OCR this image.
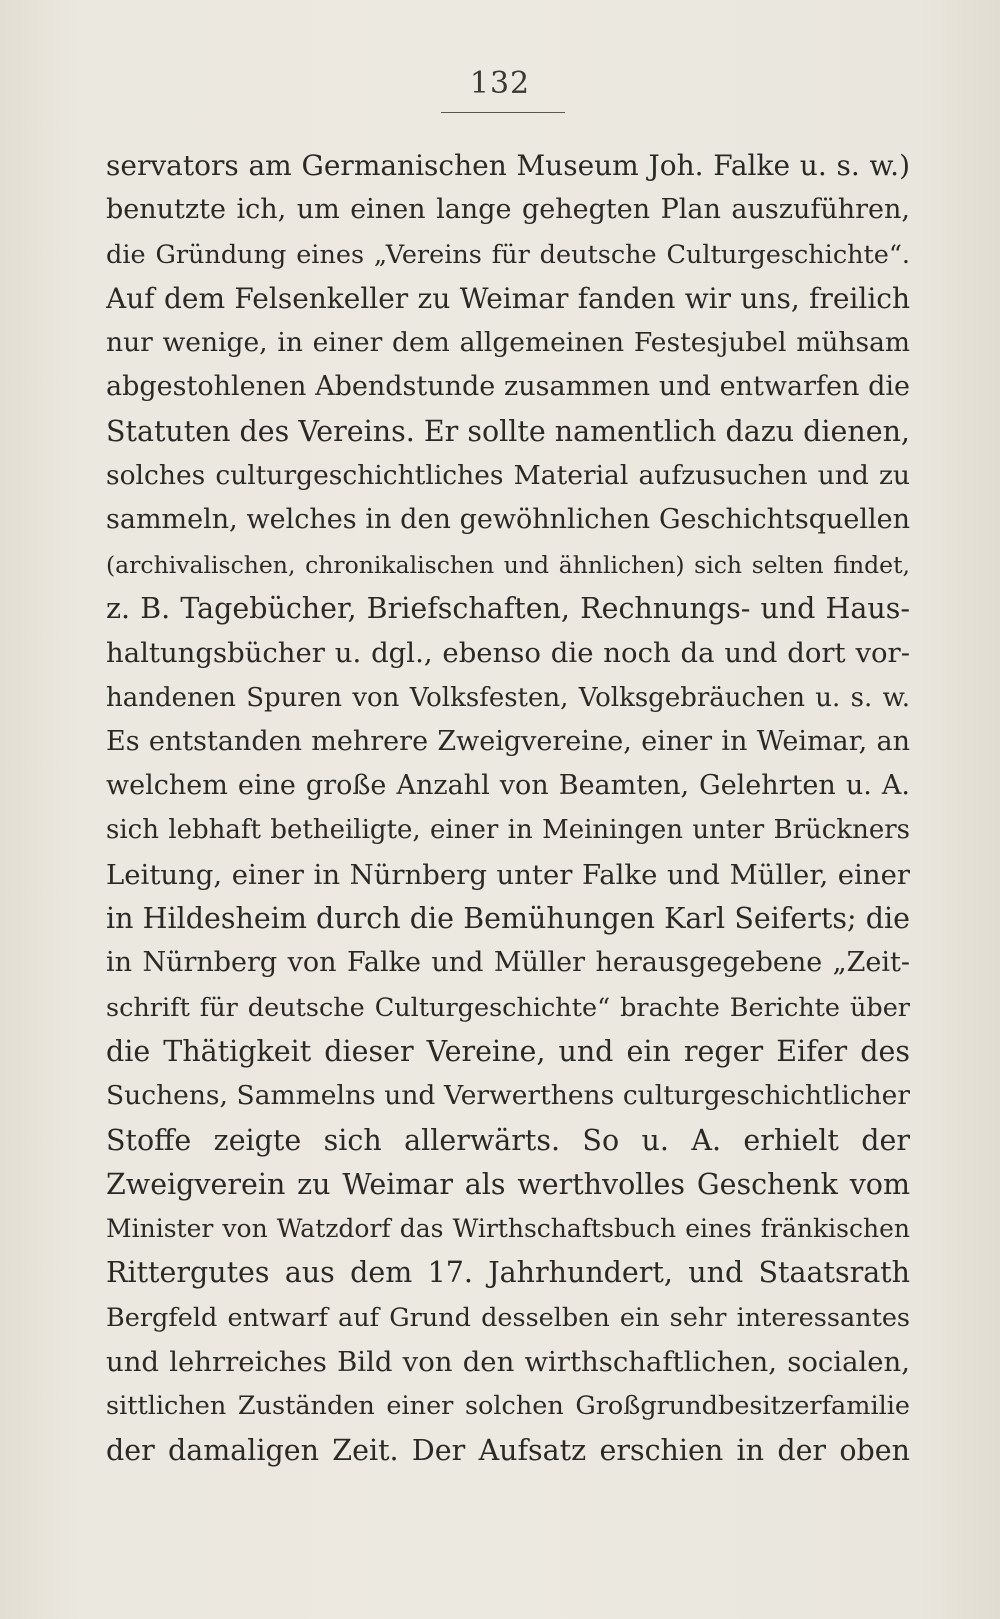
132
servators am Germanischen Museum Joh. Falke u. s. w.)
benutzte ich, um einen lange gehegten Plan auszuführen,
die Gründung eines „Vereins für deutsche Culturgeschichte“.
Auf dem Felsenkeller zu Weimar fanden wir uns, freilich
nur wenige, in einer dem allgemeinen Festesjubel mühsam
abgestohlenen Abendstunde zusammen und entwarfen die
Statuten des Vereins. Er sollte namentlich dazu dienen,
solches culturgeschichtliches Material aufzusuchen und zu
sammeln, welches in den gewöhnlichen Geschichtsquellen
(archivalischen, chronikalischen und ähnlichen) sich selten findet,
z. B. Tagebücher, Briefschaften, Rechnungs- und Haus-
haltungsbücher u. dgl., ebenso die noch da und dort vor-
handenen Spuren von Volksfesten, Volksgebräuchen u. s. w.
Es entstanden mehrere Zweigvereine, einer in Weimar, an
welchem eine große Anzahl von Beamten, Gelehrten u. A.
sich lebhaft betheiligte, einer in Meiningen unter Brückners
Leitung, einer in Nürnberg unter Falke und Müller, einer
in Hildesheim durch die Bemühungen Karl Seiferts; die
in Nürnberg von Falke und Müller herausgegebene „Zeit-
schrift für deutsche Culturgeschichte“ brachte Berichte über
die Thätigkeit dieser Vereine, und ein reger Eifer des
Suchens, Sammelns und Verwerthens culturgeschichtlicher
Stoffe zeigte sich allerwärts. So u. A. erhielt der
Zweigverein zu Weimar als werthvolles Geschenk vom
Minister von Watzdorf das Wirthschaftsbuch eines fränkischen
Rittergutes aus dem 17. Jahrhundert, und Staatsrath
Bergfeld entwarf auf Grund desselben ein sehr interessantes
und lehrreiches Bild von den wirthschaftlichen, socialen,
sittlichen Zuständen einer solchen Großgrundbesitzerfamilie
der damaligen Zeit. Der Aufsatz erschien in der oben
